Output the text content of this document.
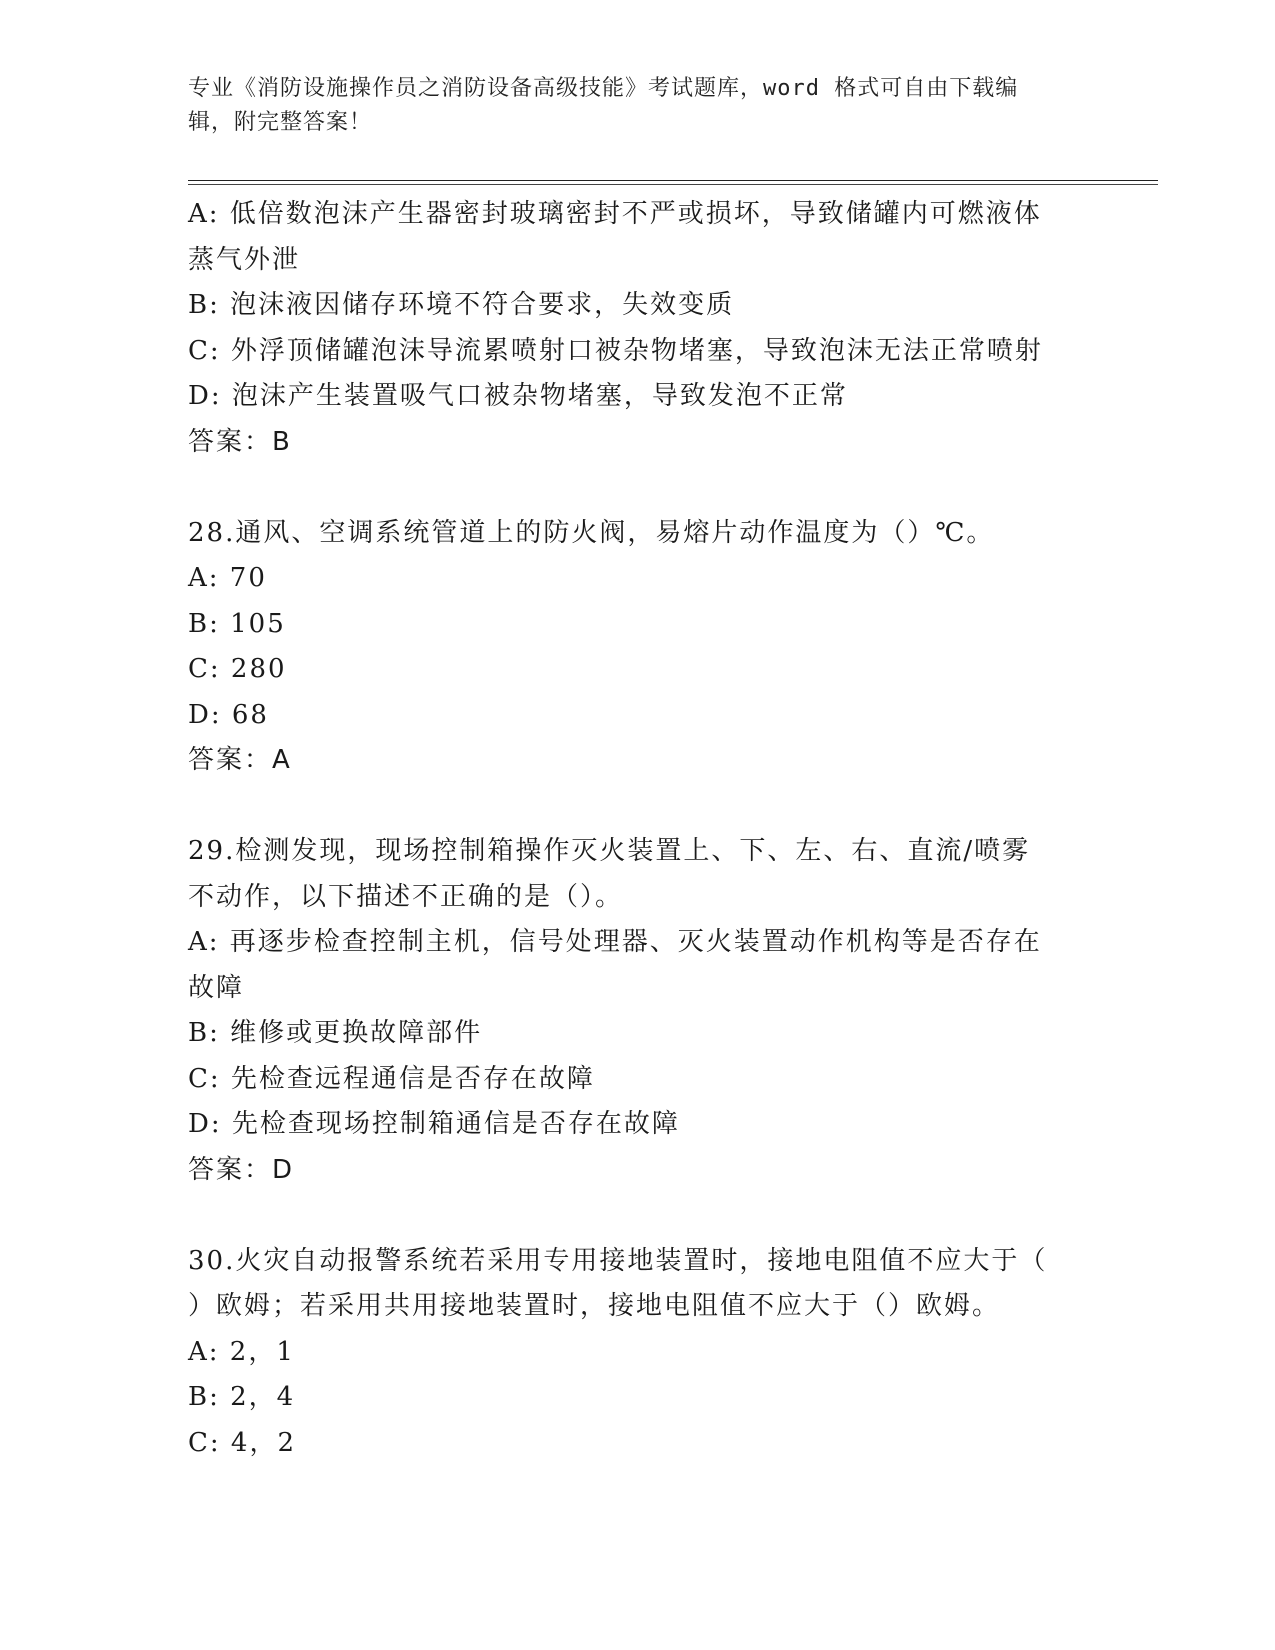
专业《消防设施操作员之消防设备高级技能》考试题库，word 格式可自由下载编
辑，附完整答案！
A: 低倍数泡沫产生器密封玻璃密封不严或损坏，导致储罐内可燃液体
蒸气外泄
B: 泡沫液因储存环境不符合要求，失效变质
C: 外浮顶储罐泡沫导流累喷射口被杂物堵塞，导致泡沫无法正常喷射
D: 泡沫产生装置吸气口被杂物堵塞，导致发泡不正常
答案：B
28.通风、空调系统管道上的防火阀，易熔片动作温度为（）℃。
A: 70
B: 105
C: 280
D: 68
答案：A
29.检测发现，现场控制箱操作灭火装置上、下、左、右、直流/喷雾
不动作，以下描述不正确的是（）。
A: 再逐步检查控制主机，信号处理器、灭火装置动作机构等是否存在
故障
B: 维修或更换故障部件
C: 先检查远程通信是否存在故障
D: 先检查现场控制箱通信是否存在故障
答案：D
30.火灾自动报警系统若采用专用接地装置时，接地电阻值不应大于（
）欧姆；若采用共用接地装置时，接地电阻值不应大于（）欧姆。
A: 2，1
B: 2，4
C: 4，2
